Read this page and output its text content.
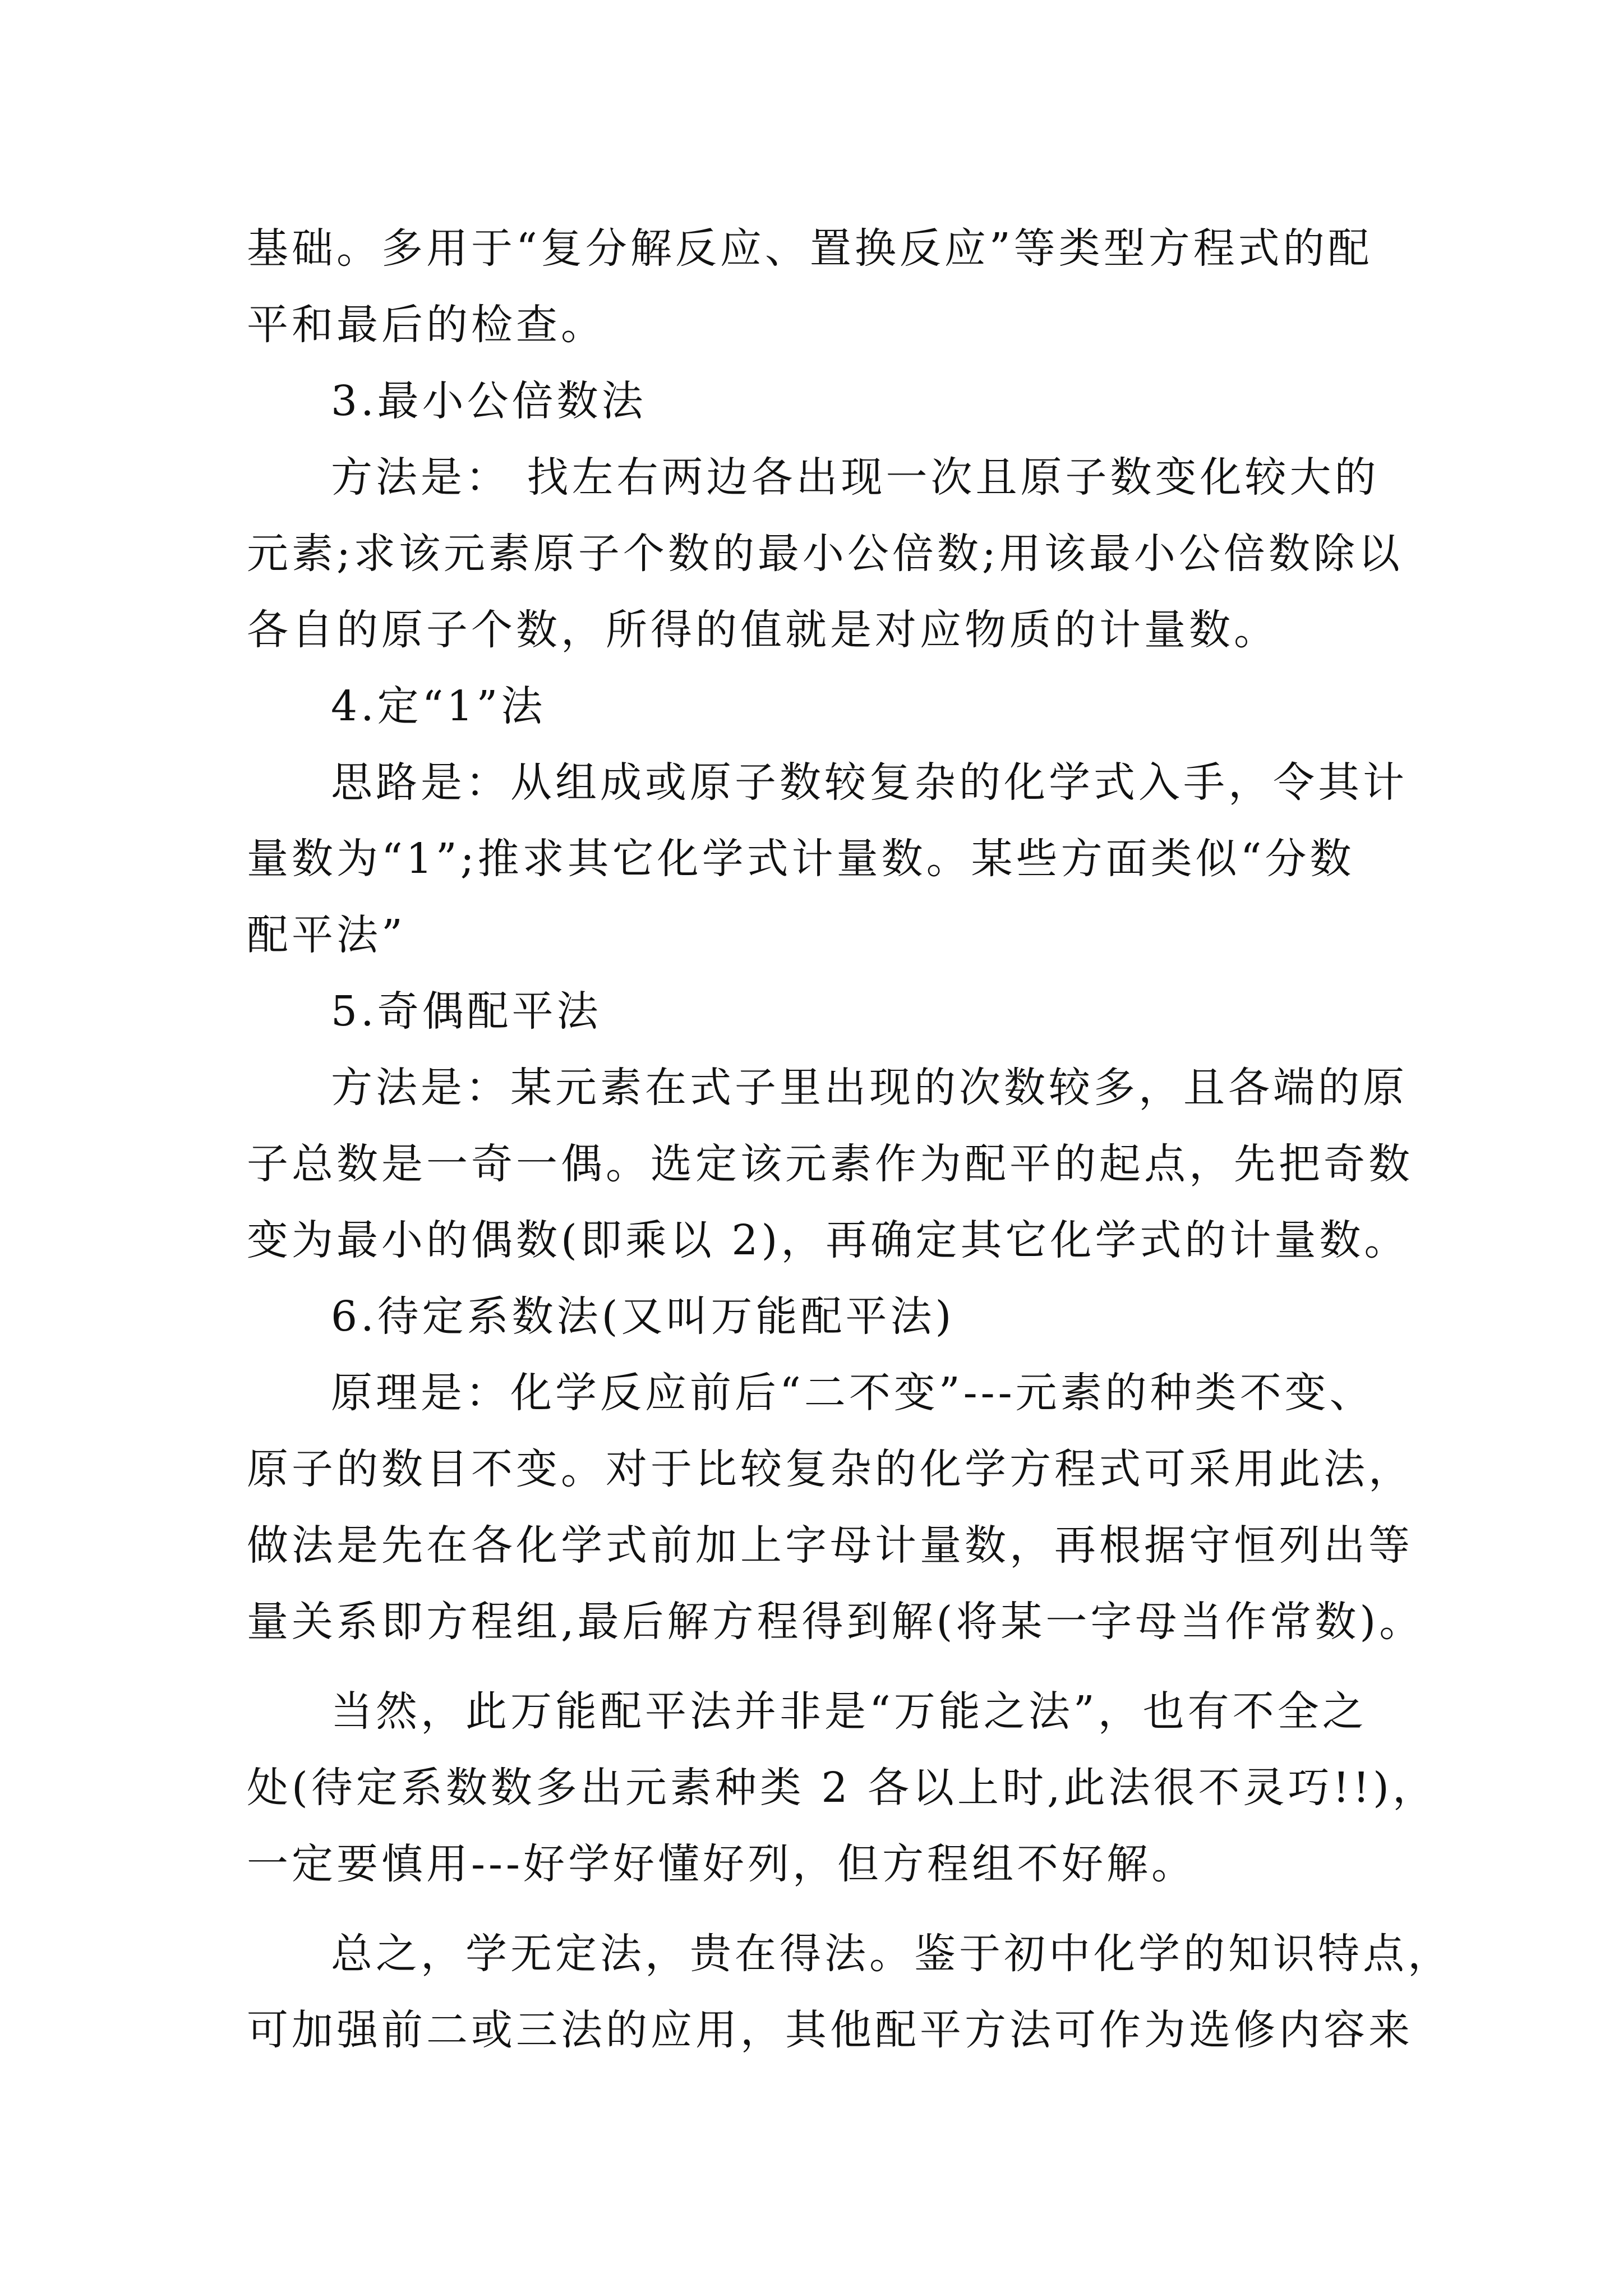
基础。多用于“复分解反应、置换反应”等类型方程式的配
平和最后的检查。
3.最小公倍数法
方法是： 找左右两边各出现一次且原子数变化较大的
元素;求该元素原子个数的最小公倍数;用该最小公倍数除以
各自的原子个数，所得的值就是对应物质的计量数。
4.定“1”法
思路是：从组成或原子数较复杂的化学式入手，令其计
量数为“1”;推求其它化学式计量数。某些方面类似“分数
配平法”
5.奇偶配平法
方法是：某元素在式子里出现的次数较多，且各端的原
子总数是一奇一偶。选定该元素作为配平的起点，先把奇数
变为最小的偶数(即乘以 2)，再确定其它化学式的计量数。
6.待定系数法(又叫万能配平法)
原理是：化学反应前后“二不变”---元素的种类不变、
原子的数目不变。对于比较复杂的化学方程式可采用此法，
做法是先在各化学式前加上字母计量数，再根据守恒列出等
量关系即方程组,最后解方程得到解(将某一字母当作常数)。
当然，此万能配平法并非是“万能之法”，也有不全之
处(待定系数数多出元素种类 2 各以上时,此法很不灵巧!!)，
一定要慎用---好学好懂好列，但方程组不好解。
总之，学无定法，贵在得法。鉴于初中化学的知识特点，
可加强前二或三法的应用，其他配平方法可作为选修内容来
